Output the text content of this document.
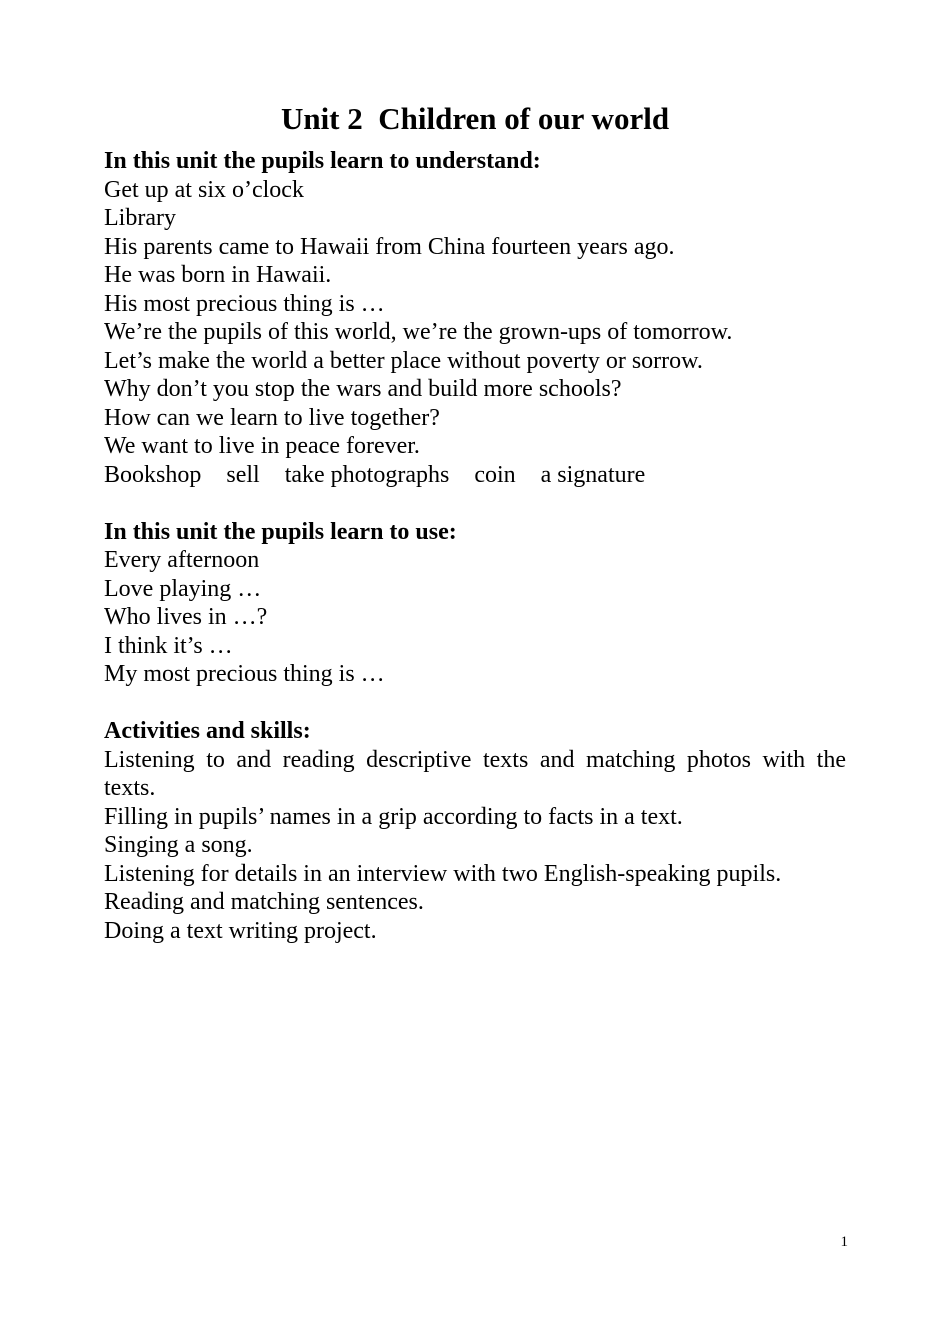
Unit 2  Children of our world

In this unit the pupils learn to understand:

Get up at six o’clock

Library

His parents came to Hawaii from China fourteen years ago.

He was born in Hawaii.

His most precious thing is …

We’re the pupils of this world, we’re the grown-ups of tomorrow.

Let’s make the world a better place without poverty or sorrow.

Why don’t you stop the wars and build more schools?

How can we learn to live together?

We want to live in peace forever.

Bookshop sell take photographs coin a signature

In this unit the pupils learn to use:

Every afternoon

Love playing …

Who lives in …?

I think it’s …

My most precious thing is …

Activities and skills:

Listening to and reading descriptive texts and matching photos with the texts.

Filling in pupils’ names in a grip according to facts in a text.

Singing a song.

Listening for details in an interview with two English-speaking pupils.

Reading and matching sentences.

Doing a text writing project.

1
